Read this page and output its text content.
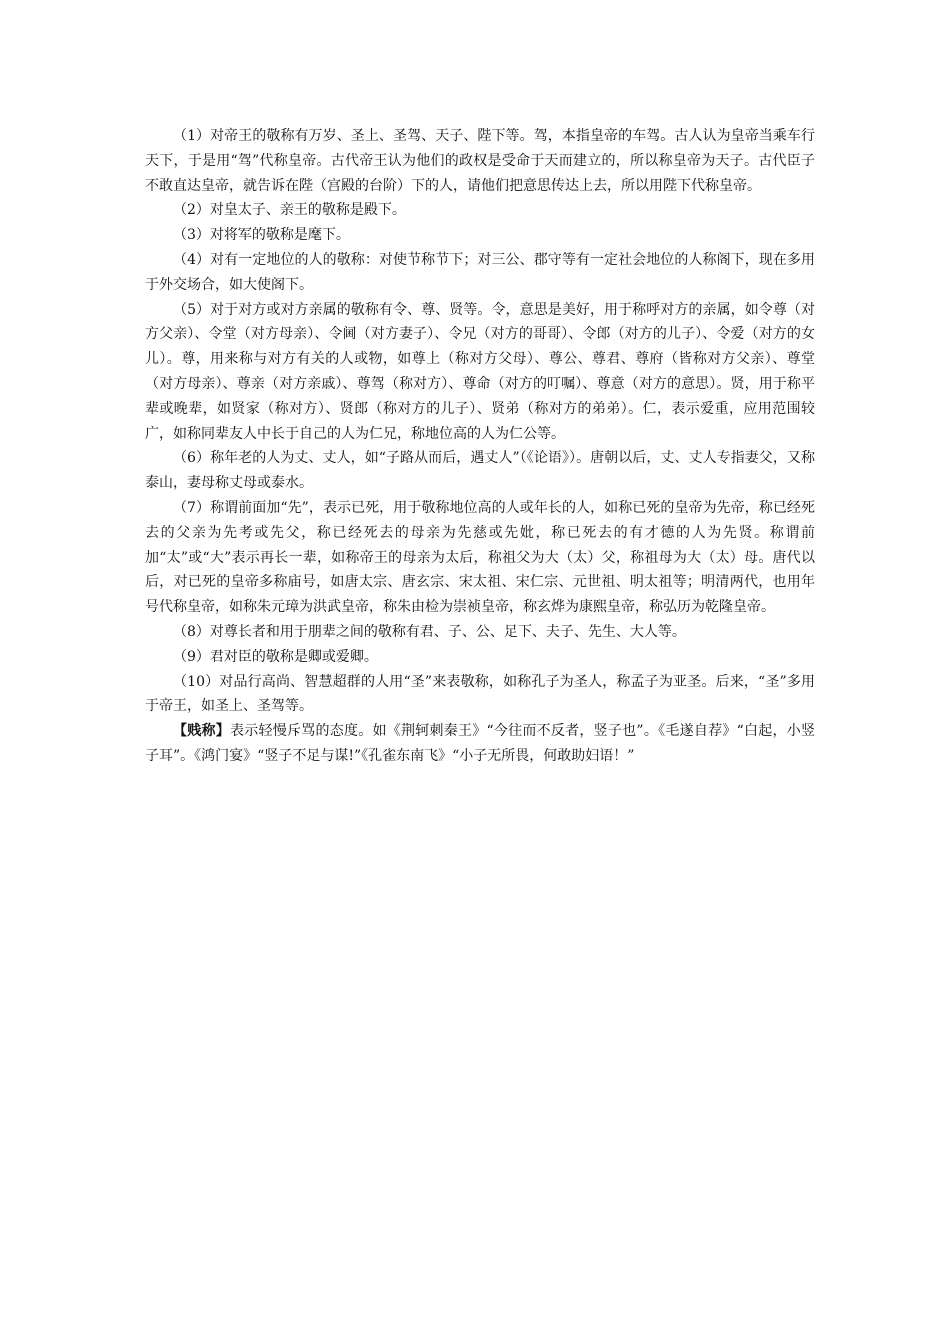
（1）对帝王的敬称有万岁、圣上、圣驾、天子、陛下等。驾，本指皇帝的车驾。古人认为皇帝当乘车行天下，于是用“驾”代称皇帝。古代帝王认为他们的政权是受命于天而建立的，所以称皇帝为天子。古代臣子不敢直达皇帝，就告诉在陛（宫殿的台阶）下的人，请他们把意思传达上去，所以用陛下代称皇帝。

（2）对皇太子、亲王的敬称是殿下。

（3）对将军的敬称是麾下。

（4）对有一定地位的人的敬称：对使节称节下；对三公、郡守等有一定社会地位的人称阁下，现在多用于外交场合，如大使阁下。

（5）对于对方或对方亲属的敬称有令、尊、贤等。令，意思是美好，用于称呼对方的亲属，如令尊（对方父亲）、令堂（对方母亲）、令阃（对方妻子）、令兄（对方的哥哥）、令郎（对方的儿子）、令爱（对方的女儿）。尊，用来称与对方有关的人或物，如尊上（称对方父母）、尊公、尊君、尊府（皆称对方父亲）、尊堂（对方母亲）、尊亲（对方亲戚）、尊驾（称对方）、尊命（对方的叮嘱）、尊意（对方的意思）。贤，用于称平辈或晚辈，如贤家（称对方）、贤郎（称对方的儿子）、贤弟（称对方的弟弟）。仁，表示爱重，应用范围较广，如称同辈友人中长于自己的人为仁兄，称地位高的人为仁公等。

（6）称年老的人为丈、丈人，如“子路从而后，遇丈人”（《论语》）。唐朝以后，丈、丈人专指妻父，又称泰山，妻母称丈母或泰水。

（7）称谓前面加“先”，表示已死，用于敬称地位高的人或年长的人，如称已死的皇帝为先帝，称已经死去的父亲为先考或先父，称已经死去的母亲为先慈或先妣，称已死去的有才德的人为先贤。称谓前加“太”或“大”表示再长一辈，如称帝王的母亲为太后，称祖父为大（太）父，称祖母为大（太）母。唐代以后，对已死的皇帝多称庙号，如唐太宗、唐玄宗、宋太祖、宋仁宗、元世祖、明太祖等；明清两代，也用年号代称皇帝，如称朱元璋为洪武皇帝，称朱由检为崇祯皇帝，称玄烨为康熙皇帝，称弘历为乾隆皇帝。

（8）对尊长者和用于朋辈之间的敬称有君、子、公、足下、夫子、先生、大人等。

（9）君对臣的敬称是卿或爱卿。

（10）对品行高尚、智慧超群的人用“圣”来表敬称，如称孔子为圣人，称孟子为亚圣。后来，“圣”多用于帝王，如圣上、圣驾等。

【贱称】表示轻慢斥骂的态度。如《荆轲刺秦王》“今往而不反者，竖子也”。《毛遂自荐》“白起，小竖子耳”。《鸿门宴》“竖子不足与谋!”《孔雀东南飞》“小子无所畏，何敢助妇语！”
